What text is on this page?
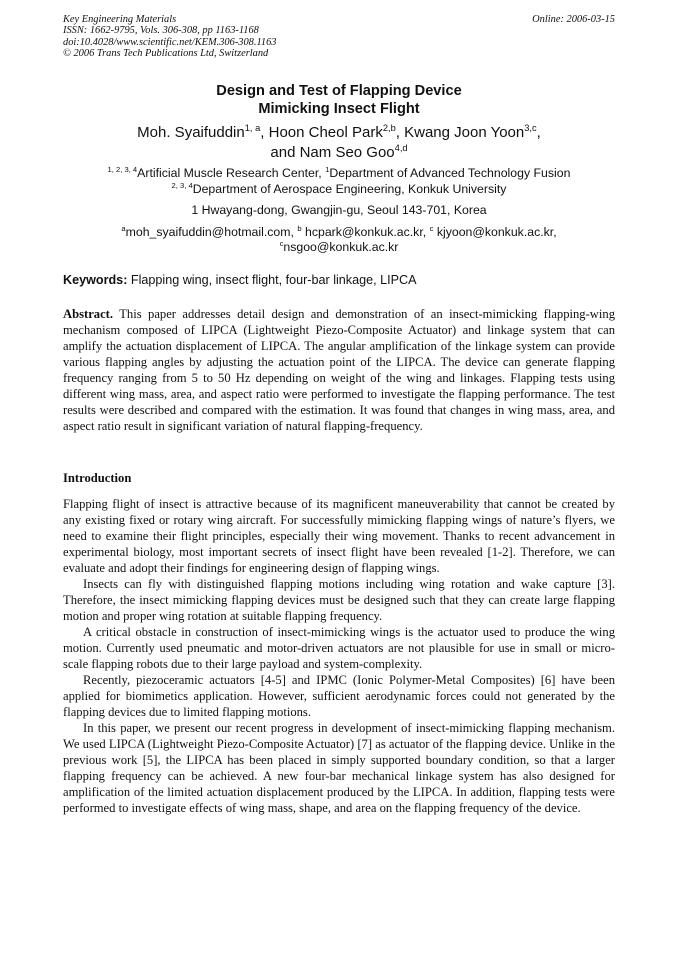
Key Engineering Materials
ISSN: 1662-9795, Vols. 306-308, pp 1163-1168
doi:10.4028/www.scientific.net/KEM.306-308.1163
© 2006 Trans Tech Publications Ltd, Switzerland
Online: 2006-03-15
Design and Test of Flapping Device
Mimicking Insect Flight
Moh. Syaifuddin$^{1, a}$, Hoon Cheol Park$^{2,b}$, Kwang Joon Yoon$^{3,c}$,
and Nam Seo Goo$^{4,d}$
$^{1, 2, 3, 4}$Artificial Muscle Research Center, $^1$Department of Advanced Technology Fusion
$^{2, 3, 4}$Department of Aerospace Engineering, Konkuk University
1 Hwayang-dong, Gwangjin-gu, Seoul 143-701, Korea
$^a$moh_syaifuddin@hotmail.com, $^b$ hcpark@konkuk.ac.kr, $^c$ kjyoon@konkuk.ac.kr,
$^c$nsgoo@konkuk.ac.kr
Keywords: Flapping wing, insect flight, four-bar linkage, LIPCA

Abstract. This paper addresses detail design and demonstration of an insect-mimicking flapping-wing mechanism composed of LIPCA (Lightweight Piezo-Composite Actuator) and linkage system that can amplify the actuation displacement of LIPCA. The angular amplification of the linkage system can provide various flapping angles by adjusting the actuation point of the LIPCA. The device can generate flapping frequency ranging from 5 to 50 Hz depending on weight of the wing and linkages. Flapping tests using different wing mass, area, and aspect ratio were performed to investigate the flapping performance. The test results were described and compared with the estimation. It was found that changes in wing mass, area, and aspect ratio result in significant variation of natural flapping-frequency.

Introduction

Flapping flight of insect is attractive because of its magnificent maneuverability that cannot be created by any existing fixed or rotary wing aircraft. For successfully mimicking flapping wings of nature’s flyers, we need to examine their flight principles, especially their wing movement. Thanks to recent advancement in experimental biology, most important secrets of insect flight have been revealed [1-2]. Therefore, we can evaluate and adopt their findings for engineering design of flapping wings.

Insects can fly with distinguished flapping motions including wing rotation and wake capture [3]. Therefore, the insect mimicking flapping devices must be designed such that they can create large flapping motion and proper wing rotation at suitable flapping frequency.

A critical obstacle in construction of insect-mimicking wings is the actuator used to produce the wing motion. Currently used pneumatic and motor-driven actuators are not plausible for use in small or micro-scale flapping robots due to their large payload and system-complexity.

Recently, piezoceramic actuators [4-5] and IPMC (Ionic Polymer-Metal Composites) [6] have been applied for biomimetics application. However, sufficient aerodynamic forces could not generated by the flapping devices due to limited flapping motions.

In this paper, we present our recent progress in development of insect-mimicking flapping mechanism. We used LIPCA (Lightweight Piezo-Composite Actuator) [7] as actuator of the flapping device. Unlike in the previous work [5], the LIPCA has been placed in simply supported boundary condition, so that a larger flapping frequency can be achieved. A new four-bar mechanical linkage system has also designed for amplification of the limited actuation displacement produced by the LIPCA. In addition, flapping tests were performed to investigate effects of wing mass, shape, and area on the flapping frequency of the device.
